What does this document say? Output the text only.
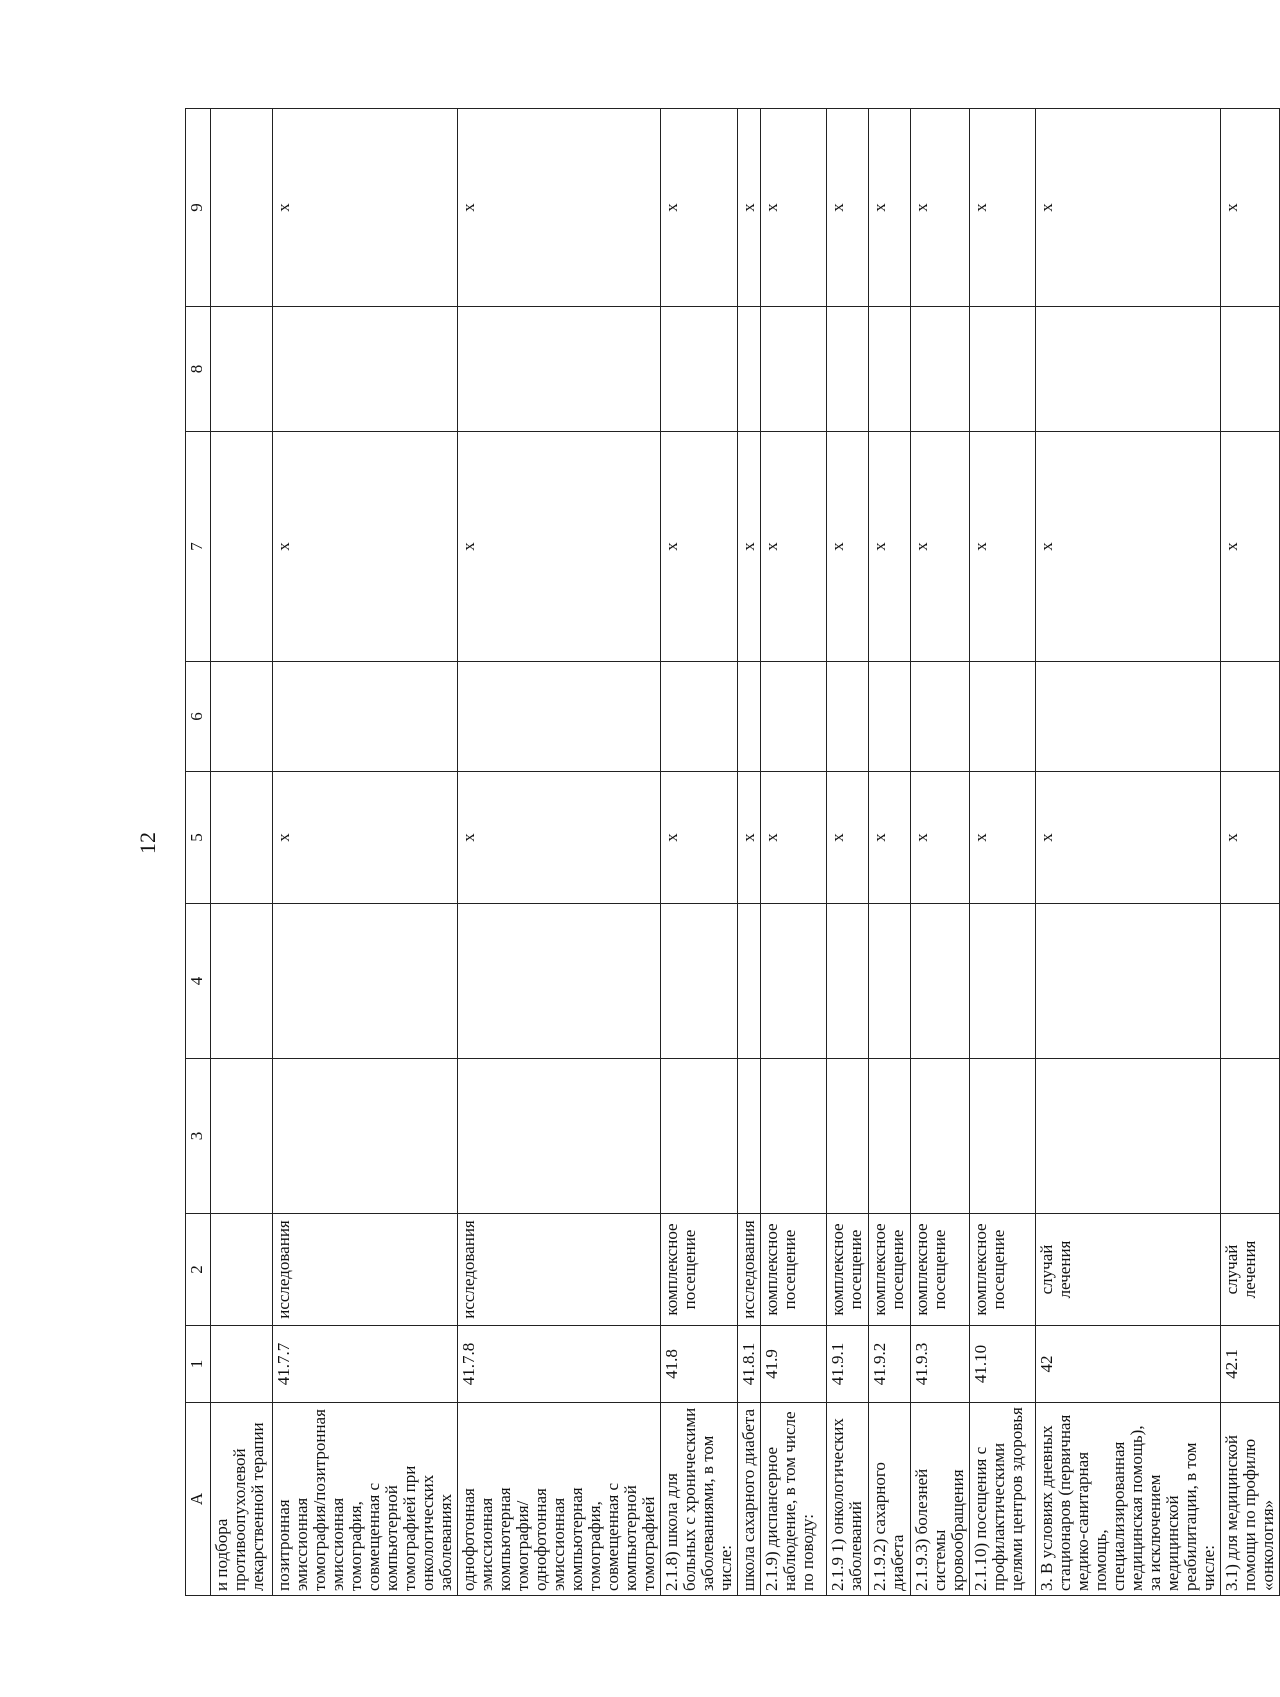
12
А	1	2	3	4	5	6	7	8	9
и подбора противоопухолевой лекарственной терапии									
позитронная эмиссионная томография/позитронная эмиссионная томография, совмещенная с компьютерной томографией при онкологических заболеваниях	41.7.7	исследования			x		x		x
однофотонная эмиссионная компьютерная томография/ однофотонная эмиссионная компьютерная томография, совмещенная с компьютерной томографией	41.7.8	исследования			x		x		x
2.1.8) школа для больных с хроническими заболеваниями, в том числе:	41.8	комплексное посещение			x		x		x
школа сахарного диабета	41.8.1	исследования			x		x		x
2.1.9) диспансерное наблюдение, в том числе по поводу:	41.9	комплексное посещение			x		x		x
2.1.9 1) онкологических заболеваний	41.9.1	комплексное посещение			x		x		x
2.1.9.2) сахарного диабета	41.9.2	комплексное посещение			x		x		x
2.1.9.3) болезней системы кровообращения	41.9.3	комплексное посещение			x		x		x
2.1.10) посещения с профилактическими целями центров здоровья	41.10	комплексное посещение			x		x		x
3. В условиях дневных стационаров (первичная медико-санитарная помощь, специализированная медицинская помощь), за исключением медицинской реабилитации, в том числе:	42	случай лечения			x		x		x
3.1) для медицинской помощи по профилю «онкология»	42.1	случай лечения			x		x		x
